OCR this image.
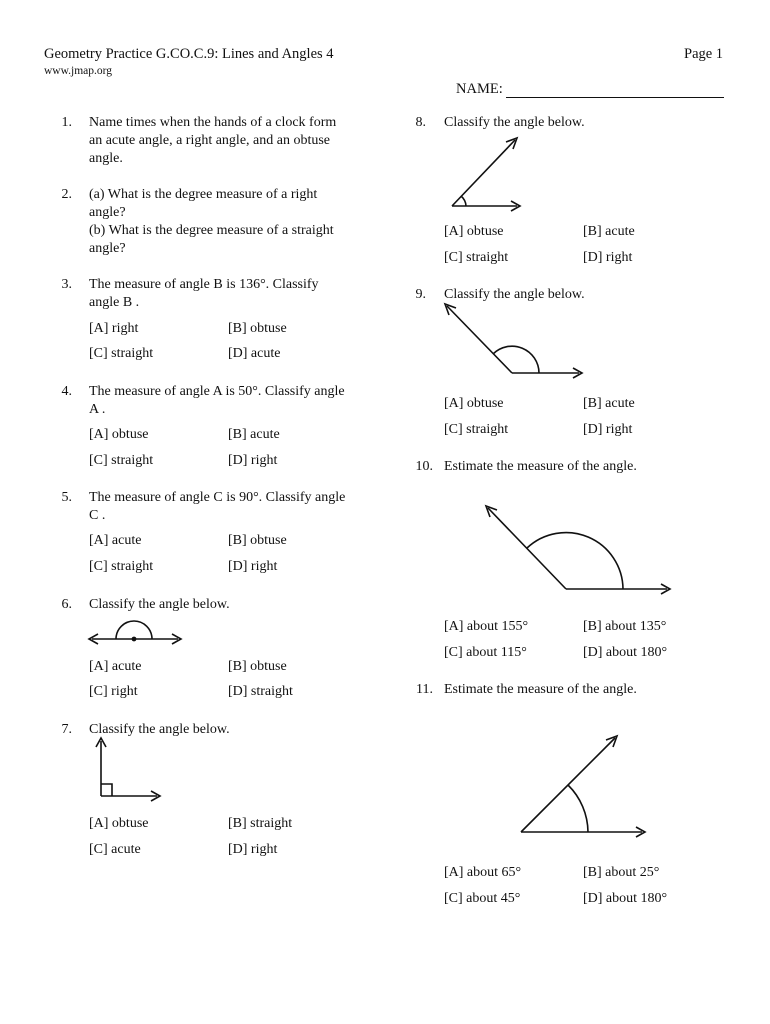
Geometry Practice G.CO.C.9: Lines and Angles 4
www.jmap.org
Page 1
NAME:
1. Name times when the hands of a clock form
an acute angle, a right angle, and an obtuse
angle.
2. (a) What is the degree measure of a right
angle?
(b) What is the degree measure of a straight
angle?
3. The measure of angle B is 136°. Classify
angle B .
[A] right	[B] obtuse
[C] straight	[D] acute
4. The measure of angle A is 50°. Classify angle
A .
[A] obtuse	[B] acute
[C] straight	[D] right
5. The measure of angle C is 90°. Classify angle
C .
[A] acute	[B] obtuse
[C] straight	[D] right
6. Classify the angle below.
[A] acute	[B] obtuse
[C] right	[D] straight
7. Classify the angle below.
[A] obtuse	[B] straight
[C] acute	[D] right
8. Classify the angle below.
[A] obtuse	[B] acute
[C] straight	[D] right
9. Classify the angle below.
[A] obtuse	[B] acute
[C] straight	[D] right
10. Estimate the measure of the angle.
[A] about 155°	[B] about 135°
[C] about 115°	[D] about 180°
11. Estimate the measure of the angle.
[A] about 65°	[B] about 25°
[C] about 45°	[D] about 180°
